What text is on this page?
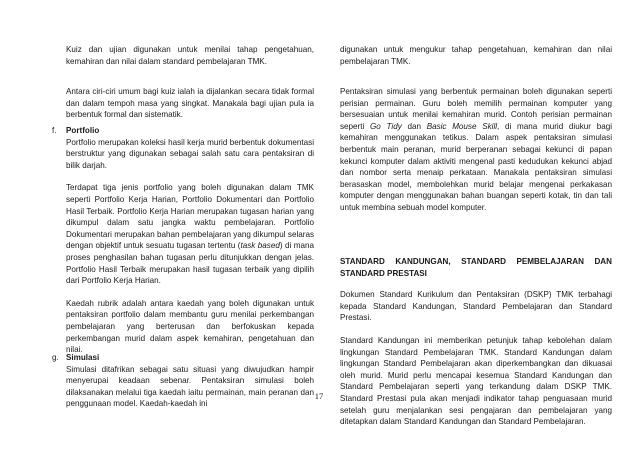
Kuiz dan ujian digunakan untuk menilai tahap pengetahuan, kemahiran dan nilai dalam standard pembelajaran TMK.

Antara ciri-ciri umum bagi kuiz ialah ia dijalankan secara tidak formal dan dalam tempoh masa yang singkat. Manakala bagi ujian pula ia berbentuk formal dan sistematik.

f. Portfolio

Portfolio merupakan koleksi hasil kerja murid berbentuk dokumentasi berstruktur yang digunakan sebagai salah satu cara pentaksiran di bilik darjah.

Terdapat tiga jenis portfolio yang boleh digunakan dalam TMK seperti Portfolio Kerja Harian, Portfolio Dokumentari dan Portfolio Hasil Terbaik. Portfolio Kerja Harian merupakan tugasan harian yang dikumpul dalam satu jangka waktu pembelajaran. Portfolio Dokumentari merupakan bahan pembelajaran yang dikumpul selaras dengan objektif untuk sesuatu tugasan tertentu (task based) di mana proses penghasilan bahan tugasan perlu ditunjukkan dengan jelas. Portfolio Hasil Terbaik merupakan hasil tugasan terbaik yang dipilih dari Portfolio Kerja Harian.

Kaedah rubrik adalah antara kaedah yang boleh digunakan untuk pentaksiran portfolio dalam membantu guru menilai perkembangan pembelajaran yang berterusan dan berfokuskan kepada perkembangan murid dalam aspek kemahiran, pengetahuan dan nilai.

g. Simulasi

Simulasi ditafrikan sebagai satu situasi yang diwujudkan hampir menyerupai keadaan sebenar. Pentaksiran simulasi boleh dilaksanakan melalui tiga kaedah iaitu permainan, main peranan dan penggunaan model. Kaedah-kaedah ini

digunakan untuk mengukur tahap pengetahuan, kemahiran dan nilai pembelajaran TMK.

Pentaksiran simulasi yang berbentuk permainan boleh digunakan seperti perisian permainan. Guru boleh memilih permainan komputer yang bersesuaian untuk menilai kemahiran murid. Contoh perisian permainan seperti Go Tidy dan Basic Mouse Skill, di mana murid diukur bagi kemahiran menggunakan tetikus. Dalam aspek pentaksiran simulasi berbentuk main peranan, murid berperanan sebagai kekunci di papan kekunci komputer dalam aktiviti mengenal pasti kedudukan kekunci abjad dan nombor serta menaip perkataan. Manakala pentaksiran simulasi berasaskan model, membolehkan murid belajar mengenai perkakasan komputer dengan menggunakan bahan buangan seperti kotak, tin dan tali untuk membina sebuah model komputer.

STANDARD KANDUNGAN, STANDARD PEMBELAJARAN DAN STANDARD PRESTASI

Dokumen Standard Kurikulum dan Pentaksiran (DSKP) TMK terbahagi kepada Standard Kandungan, Standard Pembelajaran dan Standard Prestasi.

Standard Kandungan ini memberikan petunjuk tahap kebolehan dalam lingkungan Standard Pembelajaran TMK. Standard Kandungan dalam lingkungan Standard Pembelajaran akan diperkembangkan dan dikuasai oleh murid. Murid perlu mencapai kesemua Standard Kandungan dan Standard Pembelajaran seperti yang terkandung dalam DSKP TMK. Standard Prestasi pula akan menjadi indikator tahap penguasaan murid setelah guru menjalankan sesi pengajaran dan pembelajaran yang ditetapkan dalam Standard Kandungan dan Standard Pembelajaran.

17
